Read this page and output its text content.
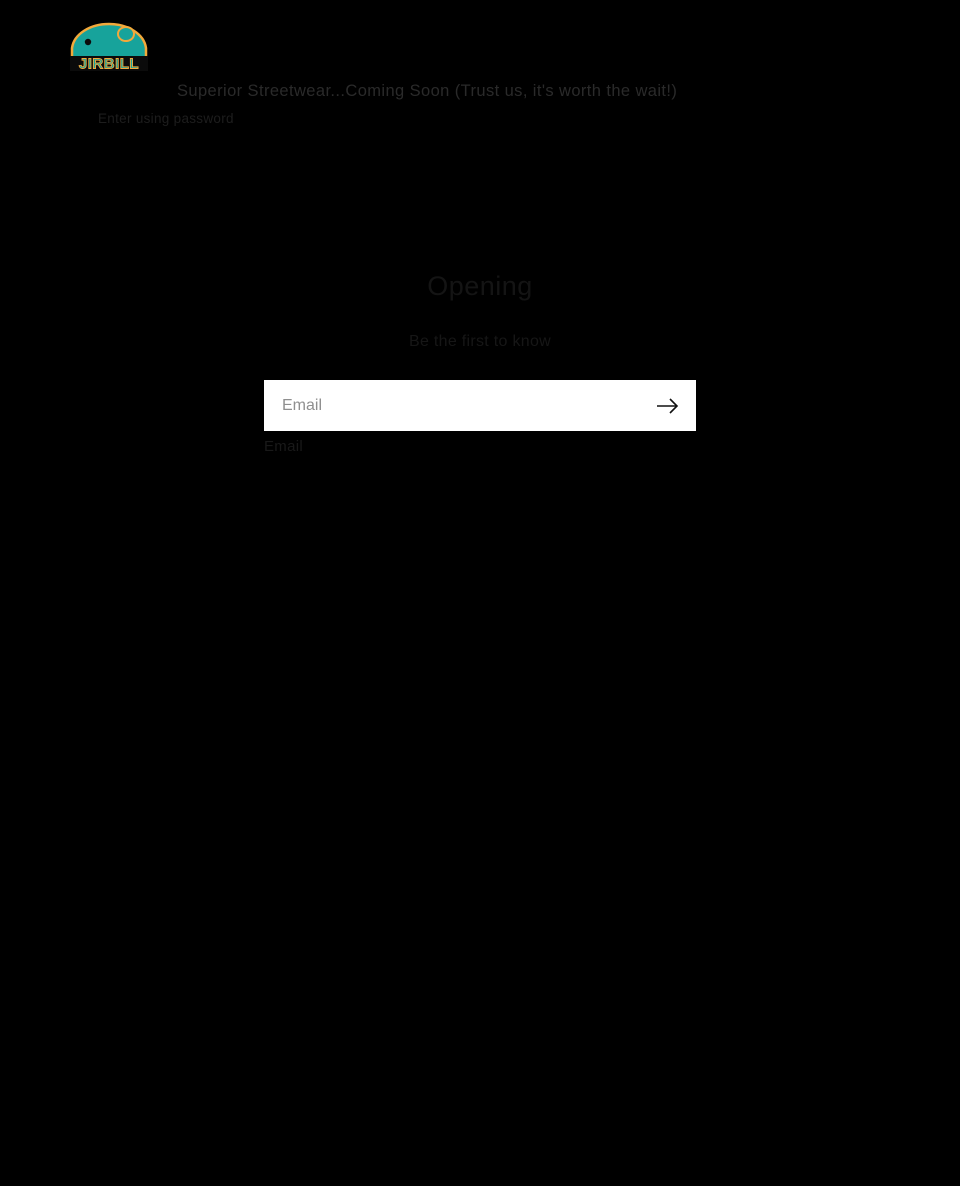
JIRBILL
Superior Streetwear...Coming Soon (Trust us, it's worth the wait!)
Enter using password
Opening
Be the first to know
Email
Email
